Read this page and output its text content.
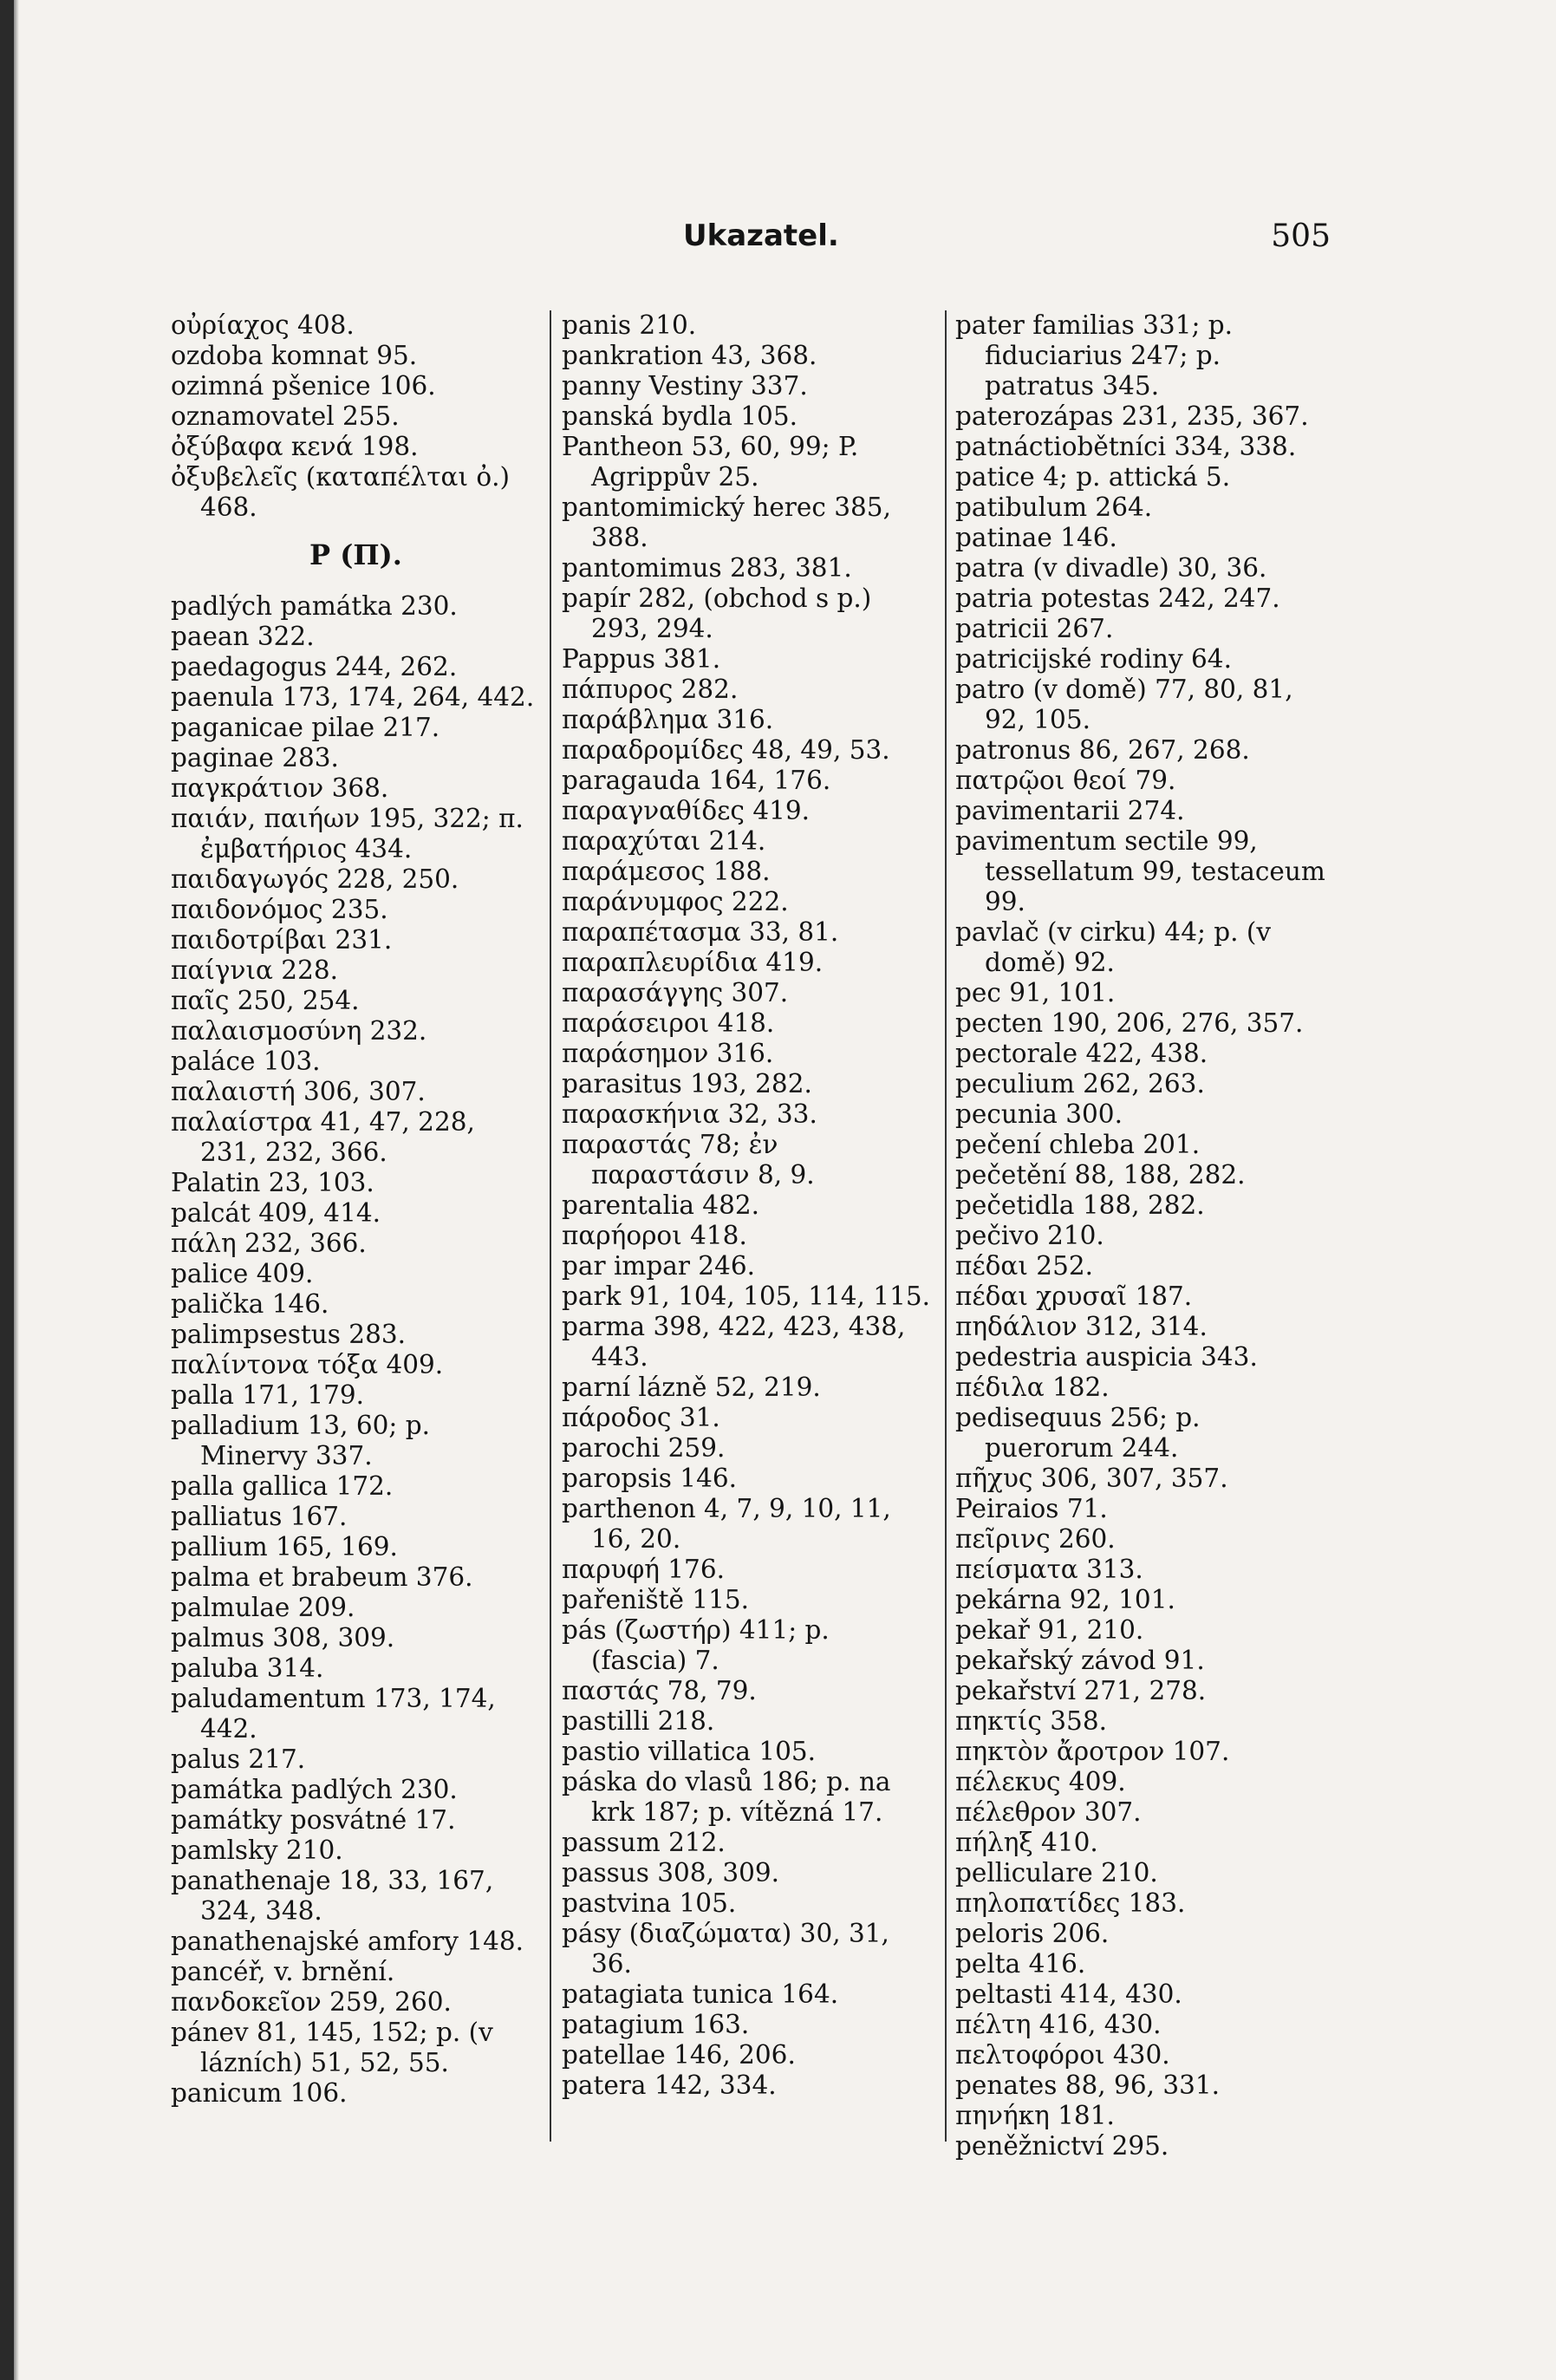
Ukazatel.	505

οὐρίαχος 408.

ozdoba komnat 95.

ozimná pšenice 106.

oznamovatel 255.

ὀξύβαφα κενά 198.

ὀξυβελεῖς (καταπέλται ὀ.) 468.

P (Π).

padlých památka 230.

paean 322.

paedagogus 244, 262.

paenula 173, 174, 264, 442.

paganicae pilae 217.

paginae 283.

παγκράτιον 368.

παιάν, παιήων 195, 322; π. ἐμβατήριος 434.

παιδαγωγός 228, 250.

παιδονόμος 235.

παιδοτρίβαι 231.

παίγνια 228.

παῖς 250, 254.

παλαισμοσύνη 232.

paláce 103.

παλαιστή 306, 307.

παλαίστρα 41, 47, 228, 231, 232, 366.

Palatin 23, 103.

palcát 409, 414.

πάλη 232, 366.

palice 409.

palička 146.

palimpsestus 283.

παλίντονα τόξα 409.

palla 171, 179.

palladium 13, 60; p. Minervy 337.

palla gallica 172.

palliatus 167.

pallium 165, 169.

palma et brabeum 376.

palmulae 209.

palmus 308, 309.

paluba 314.

paludamentum 173, 174, 442.

palus 217.

památka padlých 230.

památky posvátné 17.

pamlsky 210.

panathenaje 18, 33, 167, 324, 348.

panathenajské amfory 148.

pancéř, v. brnění.

πανδοκεῖον 259, 260.

pánev 81, 145, 152; p. (v lázních) 51, 52, 55.

panicum 106.

panis 210.

pankration 43, 368.

panny Vestiny 337.

panská bydla 105.

Pantheon 53, 60, 99; P. Agrippův 25.

pantomimický herec 385, 388.

pantomimus 283, 381.

papír 282, (obchod s p.) 293, 294.

Pappus 381.

πάπυρος 282.

παράβλημα 316.

παραδρομίδες 48, 49, 53.

paragauda 164, 176.

παραγναθίδες 419.

παραχύται 214.

παράμεσος 188.

παράνυμφος 222.

παραπέτασμα 33, 81.

παραπλευρίδια 419.

παρασάγγης 307.

παράσειροι 418.

παράσημον 316.

parasitus 193, 282.

παρασκήνια 32, 33.

παραστάς 78; ἐν παραστάσιν 8, 9.

parentalia 482.

παρήοροι 418.

par impar 246.

park 91, 104, 105, 114, 115.

parma 398, 422, 423, 438, 443.

parní lázně 52, 219.

πάροδος 31.

parochi 259.

paropsis 146.

parthenon 4, 7, 9, 10, 11, 16, 20.

παρυφή 176.

pařeniště 115.

pás (ζωστήρ) 411; p. (fascia) 7.

παστάς 78, 79.

pastilli 218.

pastio villatica 105.

páska do vlasů 186; p. na krk 187; p. vítězná 17.

passum 212.

passus 308, 309.

pastvina 105.

pásy (διαζώματα) 30, 31, 36.

patagiata tunica 164.

patagium 163.

patellae 146, 206.

patera 142, 334.

pater familias 331; p. fiduciarius 247; p. patratus 345.

paterozápas 231, 235, 367.

patnáctiobětníci 334, 338.

patice 4; p. attická 5.

patibulum 264.

patinae 146.

patra (v divadle) 30, 36.

patria potestas 242, 247.

patricii 267.

patricijské rodiny 64.

patro (v domě) 77, 80, 81, 92, 105.

patronus 86, 267, 268.

πατρῷοι θεοί 79.

pavimentarii 274.

pavimentum sectile 99, tessellatum 99, testaceum 99.

pavlač (v cirku) 44; p. (v domě) 92.

pec 91, 101.

pecten 190, 206, 276, 357.

pectorale 422, 438.

peculium 262, 263.

pecunia 300.

pečení chleba 201.

pečetění 88, 188, 282.

pečetidla 188, 282.

pečivo 210.

πέδαι 252.

πέδαι χρυσαῖ 187.

πηδάλιον 312, 314.

pedestria auspicia 343.

πέδιλα 182.

pedisequus 256; p. puerorum 244.

πῆχυς 306, 307, 357.

Peiraios 71.

πεῖρινς 260.

πείσματα 313.

pekárna 92, 101.

pekař 91, 210.

pekařský závod 91.

pekařství 271, 278.

πηκτίς 358.

πηκτὸν ἄροτρον 107.

πέλεκυς 409.

πέλεθρον 307.

πήληξ 410.

pelliculare 210.

πηλοπατίδες 183.

peloris 206.

pelta 416.

peltasti 414, 430.

πέλτη 416, 430.

πελτοφόροι 430.

penates 88, 96, 331.

πηνήκη 181.

peněžnictví 295.
